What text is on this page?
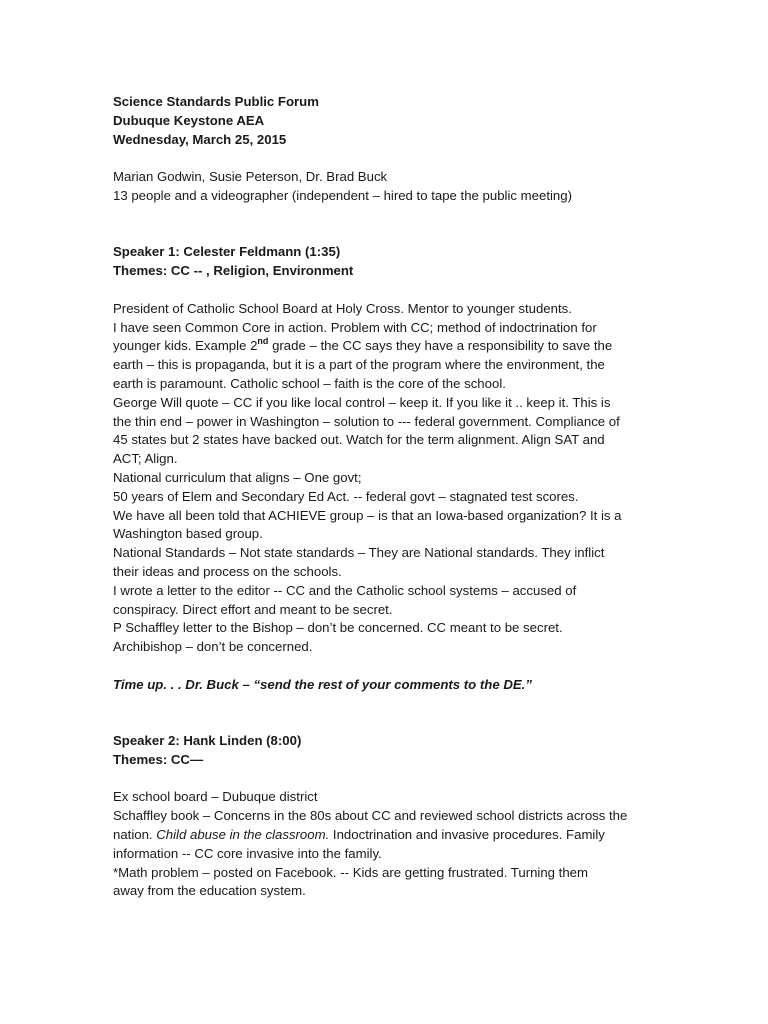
Science Standards Public Forum
Dubuque Keystone AEA
Wednesday, March 25, 2015
Marian Godwin, Susie Peterson, Dr. Brad Buck
13 people and a videographer (independent – hired to tape the public meeting)
Speaker 1: Celester Feldmann (1:35)
Themes: CC -- , Religion, Environment
President of Catholic School Board at Holy Cross. Mentor to younger students.
I have seen Common Core in action. Problem with CC; method of indoctrination for
younger kids. Example 2nd grade – the CC says they have a responsibility to save the
earth – this is propaganda, but it is a part of the program where the environment, the
earth is paramount. Catholic school – faith is the core of the school.
George Will quote – CC if you like local control – keep it. If you like it .. keep it. This is
the thin end – power in Washington – solution to --- federal government. Compliance of
45 states but 2 states have backed out. Watch for the term alignment. Align SAT and
ACT; Align.
National curriculum that aligns – One govt;
50 years of Elem and Secondary Ed Act. -- federal govt – stagnated test scores.
We have all been told that ACHIEVE group – is that an Iowa-based organization? It is a
Washington based group.
National Standards – Not state standards – They are National standards. They inflict
their ideas and process on the schools.
I wrote a letter to the editor -- CC and the Catholic school systems – accused of
conspiracy. Direct effort and meant to be secret.
P Schaffley letter to the Bishop – don’t be concerned. CC meant to be secret.
Archibishop – don’t be concerned.
Time up. . . Dr. Buck – “send the rest of your comments to the DE.”
Speaker 2: Hank Linden (8:00)
Themes: CC—
Ex school board – Dubuque district
Schaffley book – Concerns in the 80s about CC and reviewed school districts across the
nation. Child abuse in the classroom. Indoctrination and invasive procedures. Family
information -- CC core invasive into the family.
*Math problem – posted on Facebook. -- Kids are getting frustrated. Turning them
away from the education system.
